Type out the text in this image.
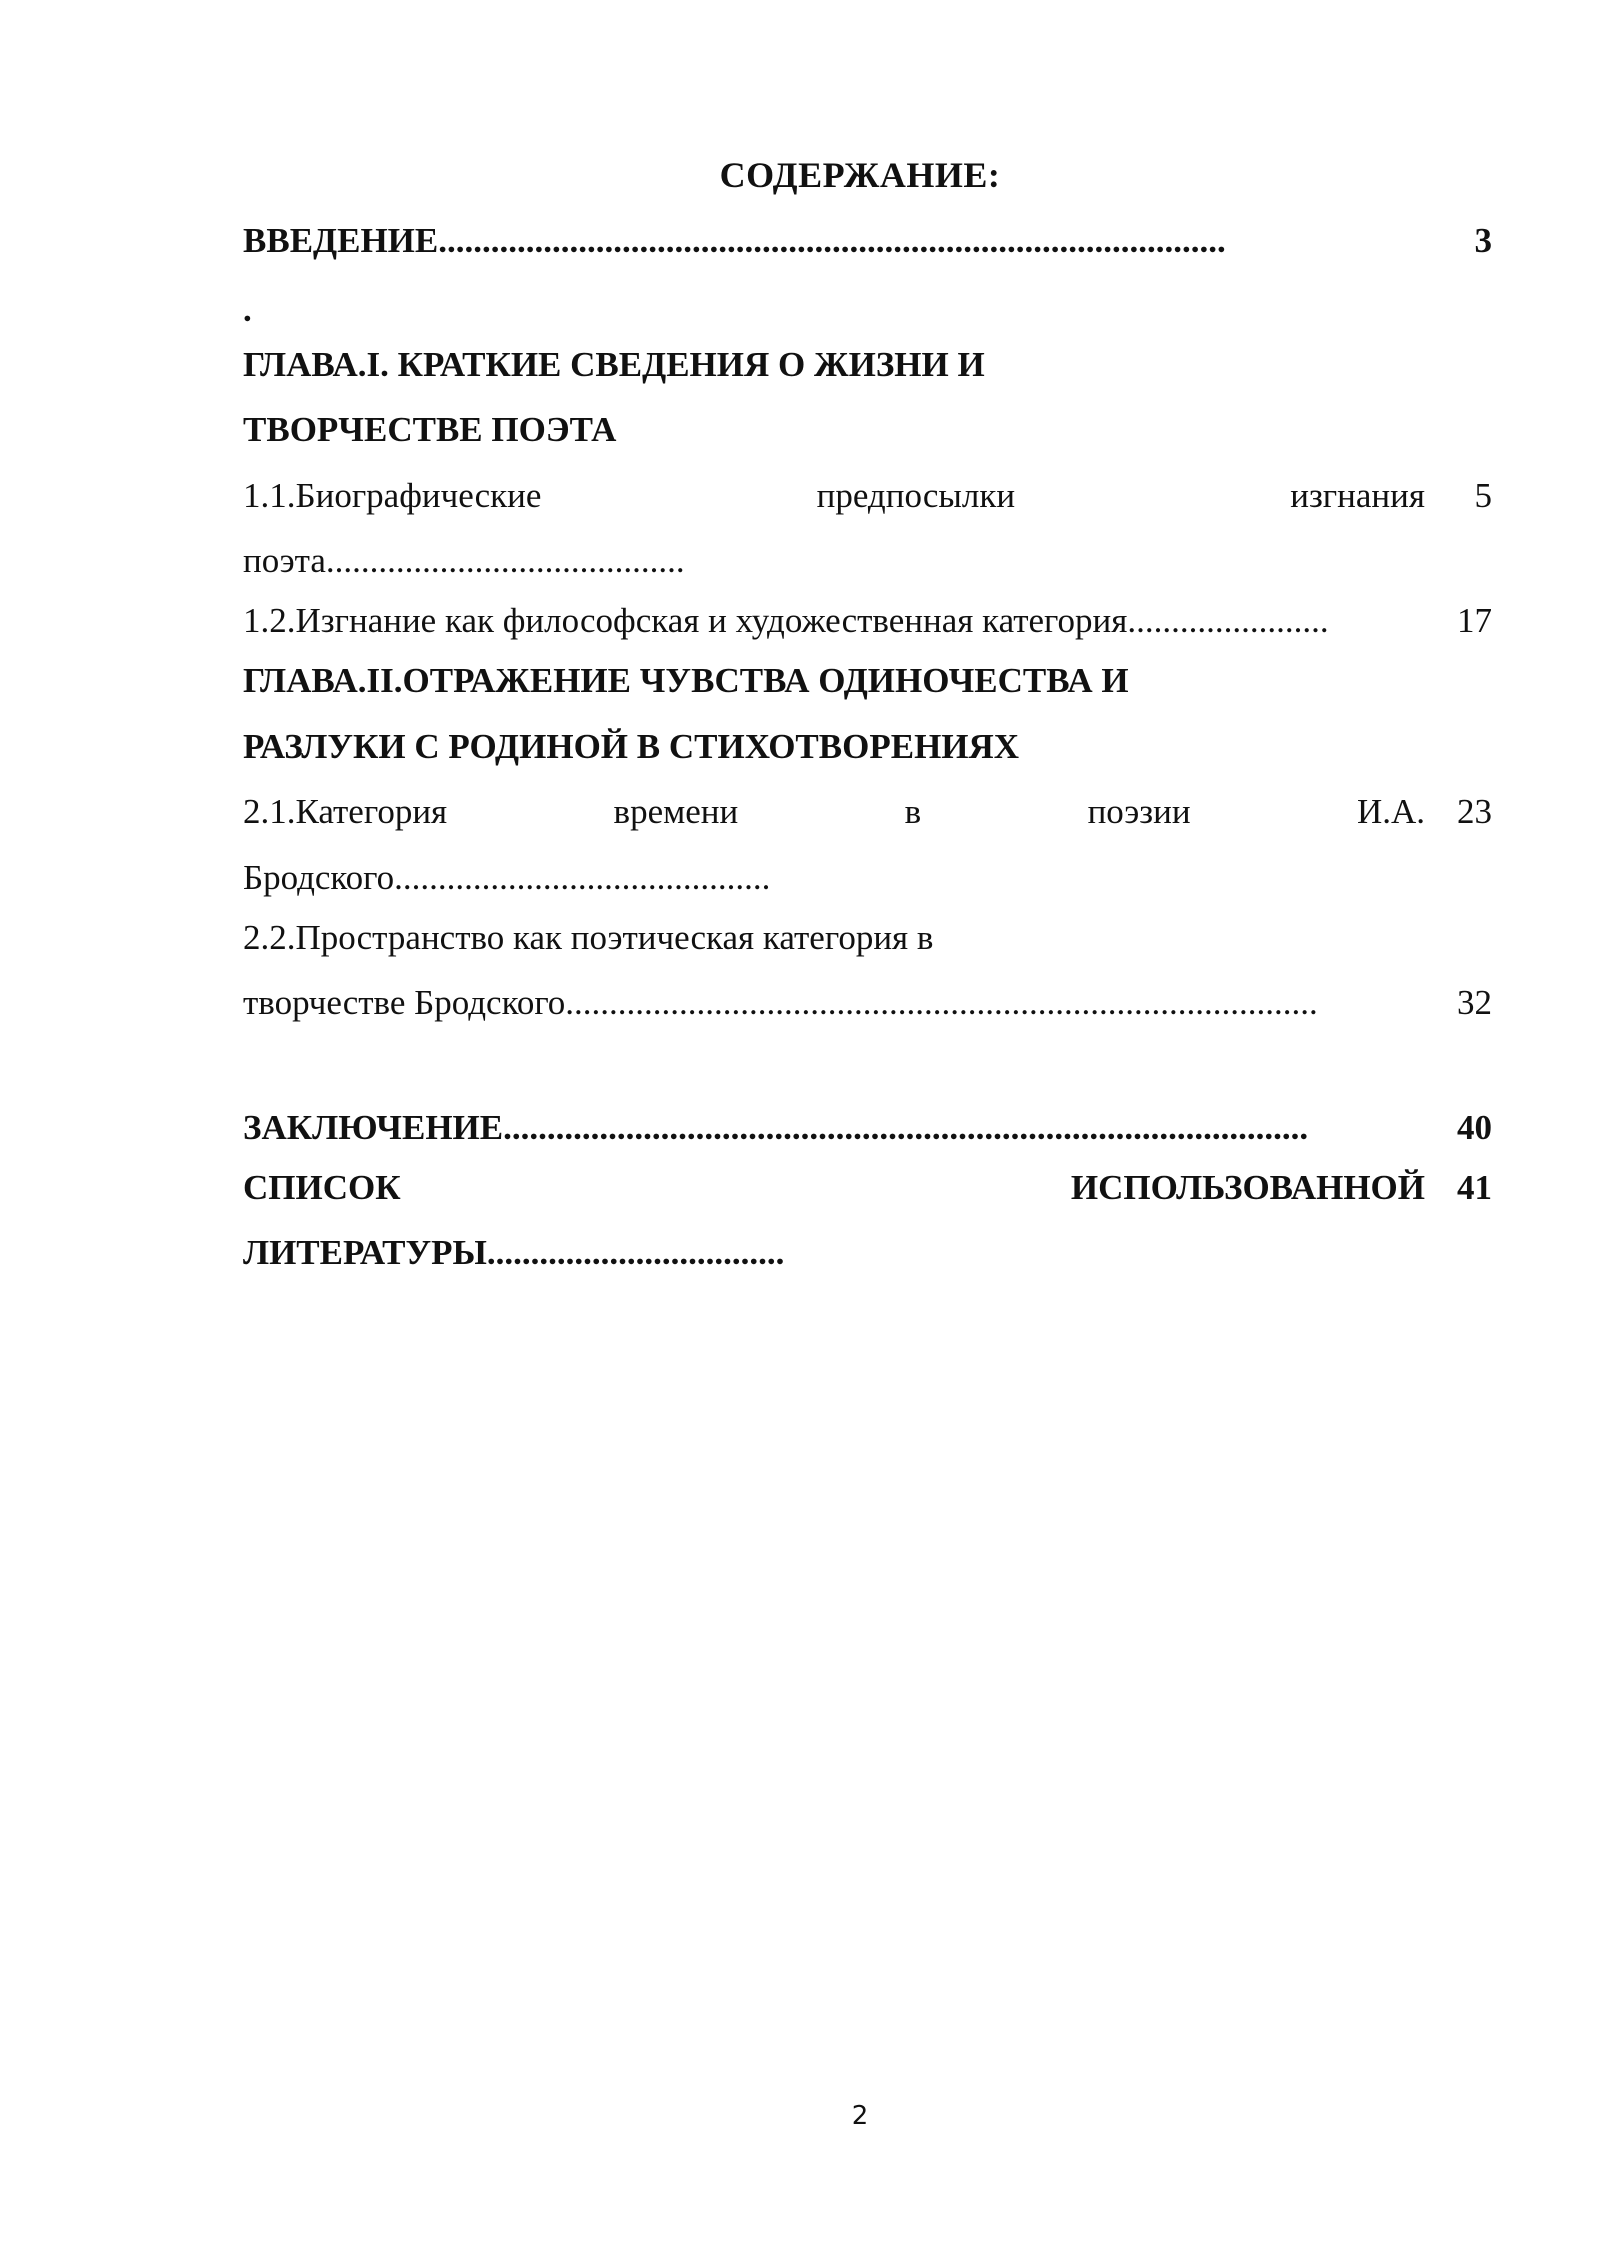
СОДЕРЖАНИЕ:
ВВЕДЕНИЕ..........................................................................................	3
.
ГЛАВА.I. КРАТКИЕ СВЕДЕНИЯ О ЖИЗНИ И
ТВОРЧЕСТВЕ ПОЭТА
1.1.Биографические	предпосылки	изгнания 5
поэта.........................................
1.2.Изгнание как философская и художественная категория.......................	17
ГЛАВА.II.ОТРАЖЕНИЕ ЧУВСТВА ОДИНОЧЕСТВА И
РАЗЛУКИ С РОДИНОЙ В СТИХОТВОРЕНИЯХ
2.1.Категория	времени	в	поэзии	И.А. 23
Бродского...........................................
2.2.Пространство как поэтическая категория в
творчестве Бродского......................................................................................	32
ЗАКЛЮЧЕНИЕ............................................................................................	40
СПИСОК	ИСПОЛЬЗОВАННОЙ 41
ЛИТЕРАТУРЫ..................................
2
